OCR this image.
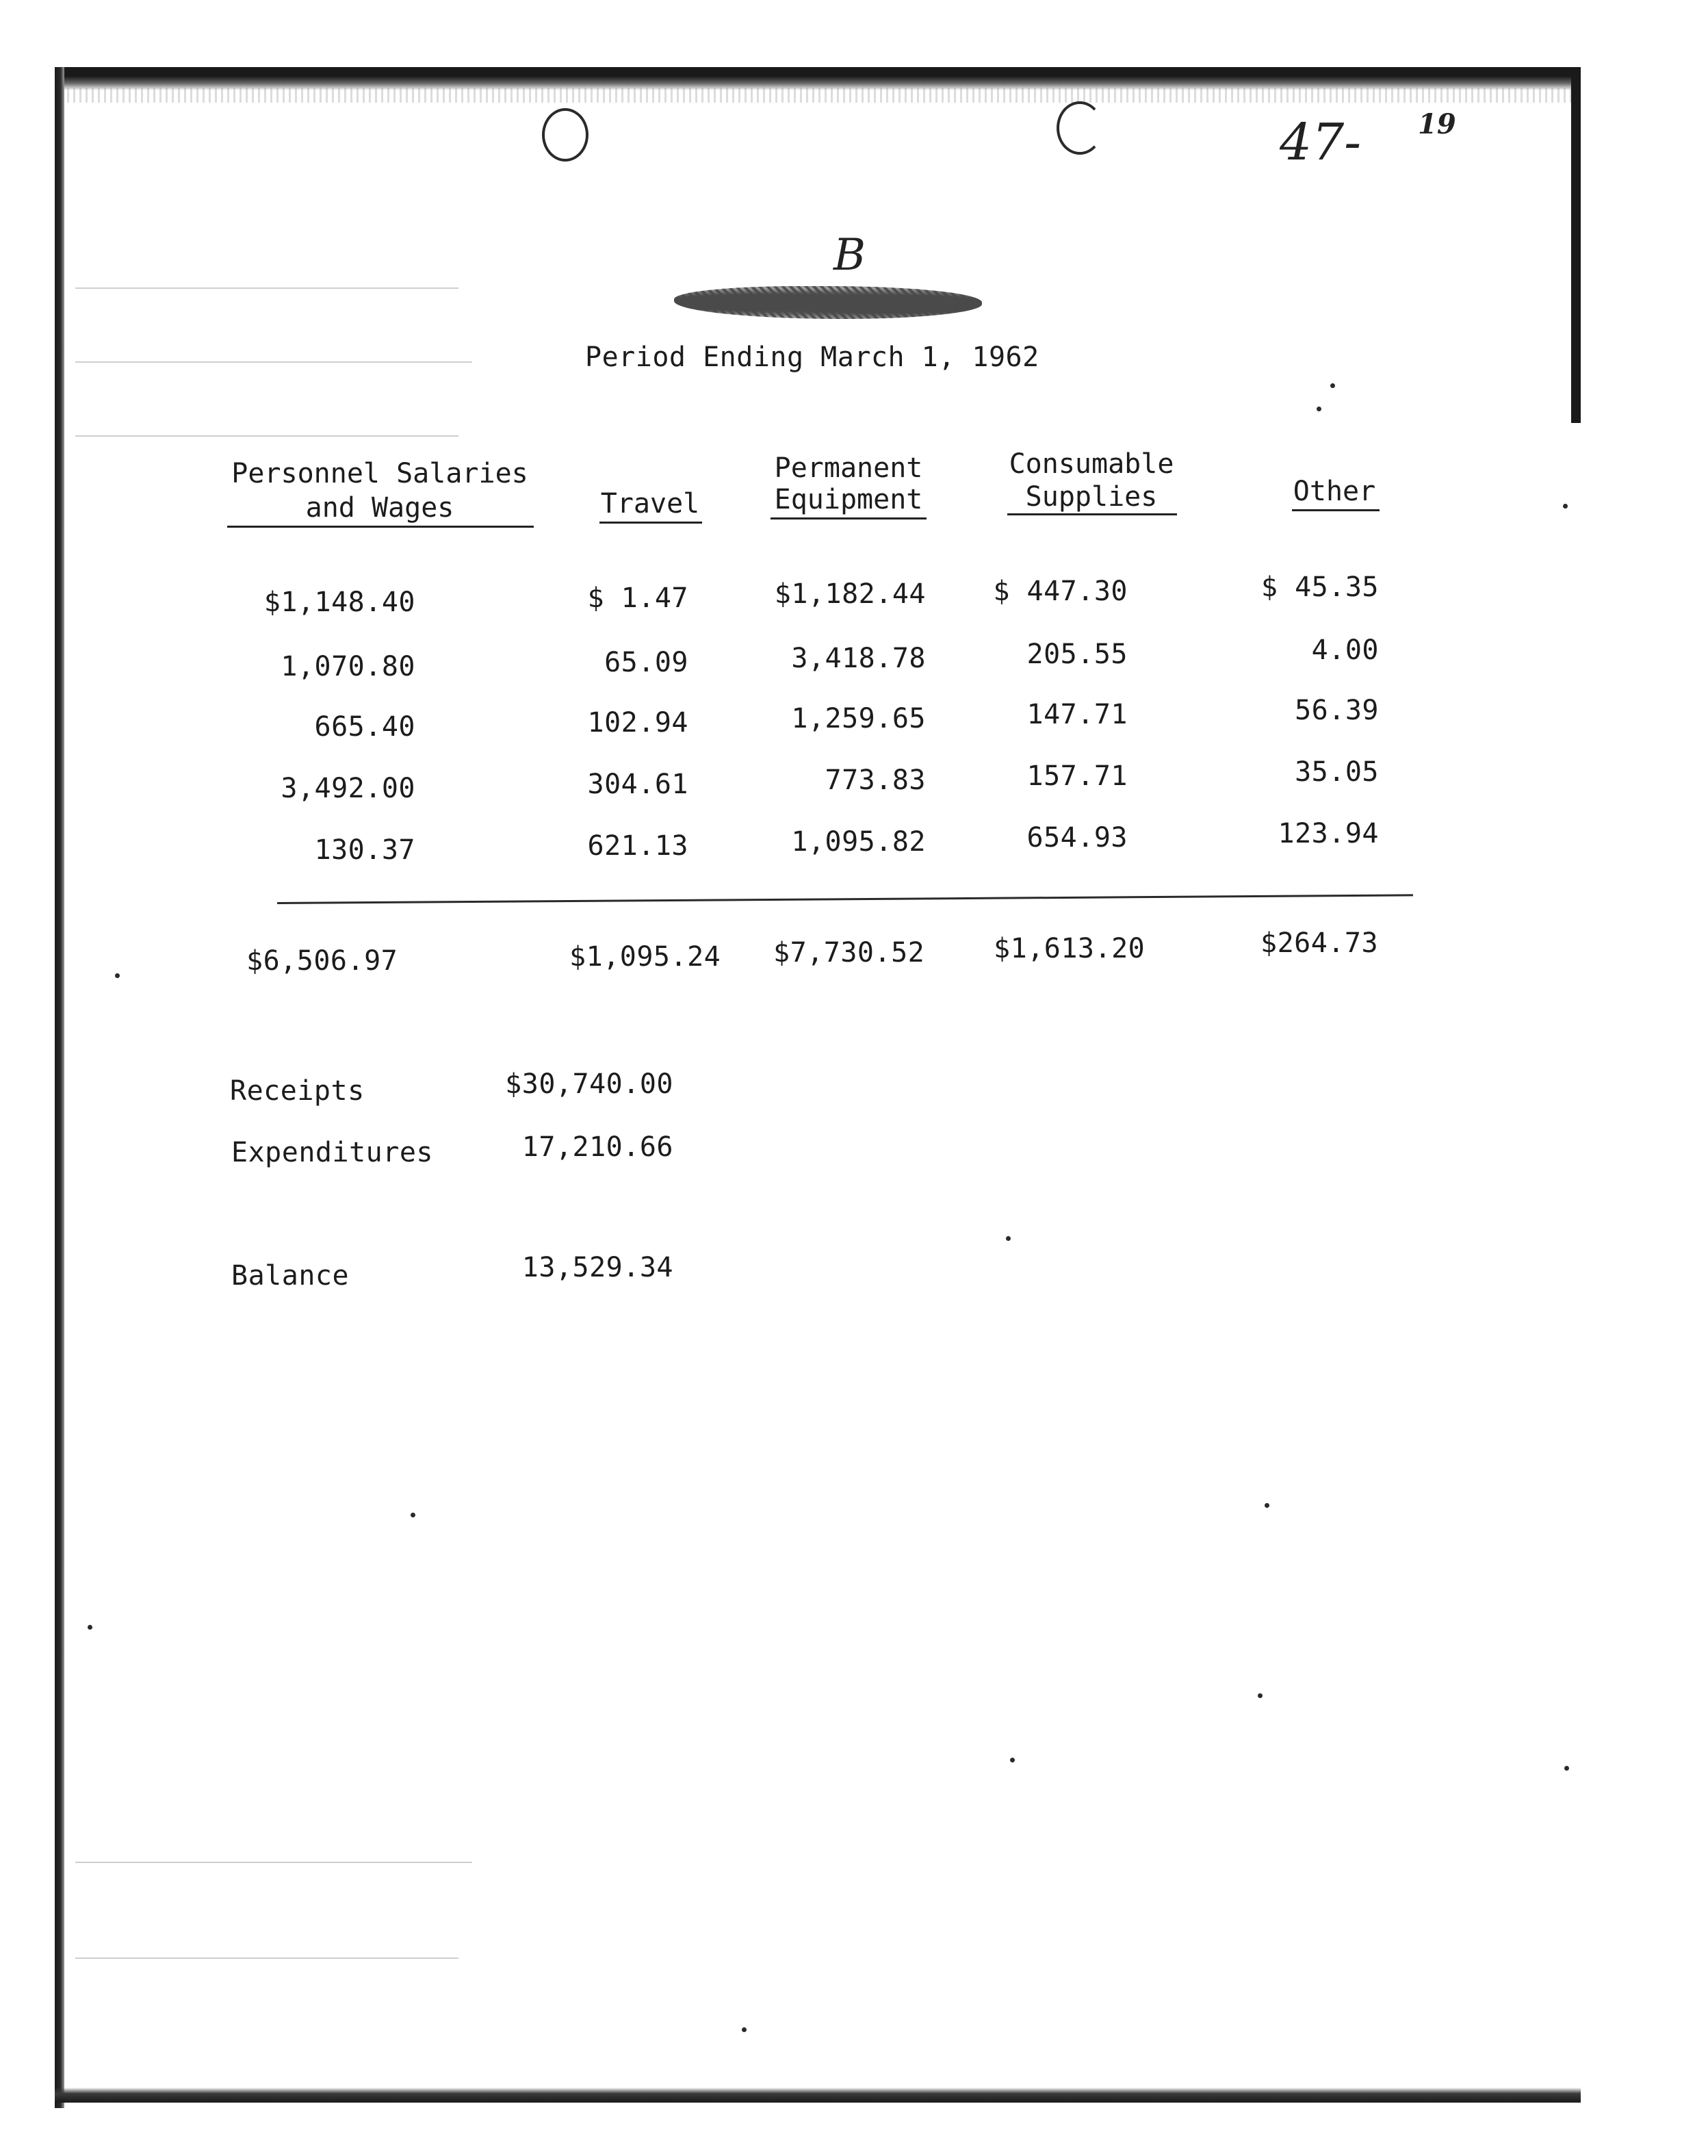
47- 19
B
Period Ending March 1, 1962
Personnel Salaries
and Wages	Travel
Permanent
Equipment
Consumable
Supplies	Other
$1,148.40	$ 1.47	$1,182.44	$ 447.30	$ 45.35
1,070.80	65.09	3,418.78	205.55	4.00
665.40	102.94	1,259.65	147.71	56.39
3,492.00	304.61	773.83	157.71	35.05
130.37	621.13	1,095.82	654.93	123.94
$6,506.97	$1,095.24 $7,730.52	$1,613.20	$264.73
Receipts	$30,740.00
Expenditures	17,210.66
Balance	13,529.34
